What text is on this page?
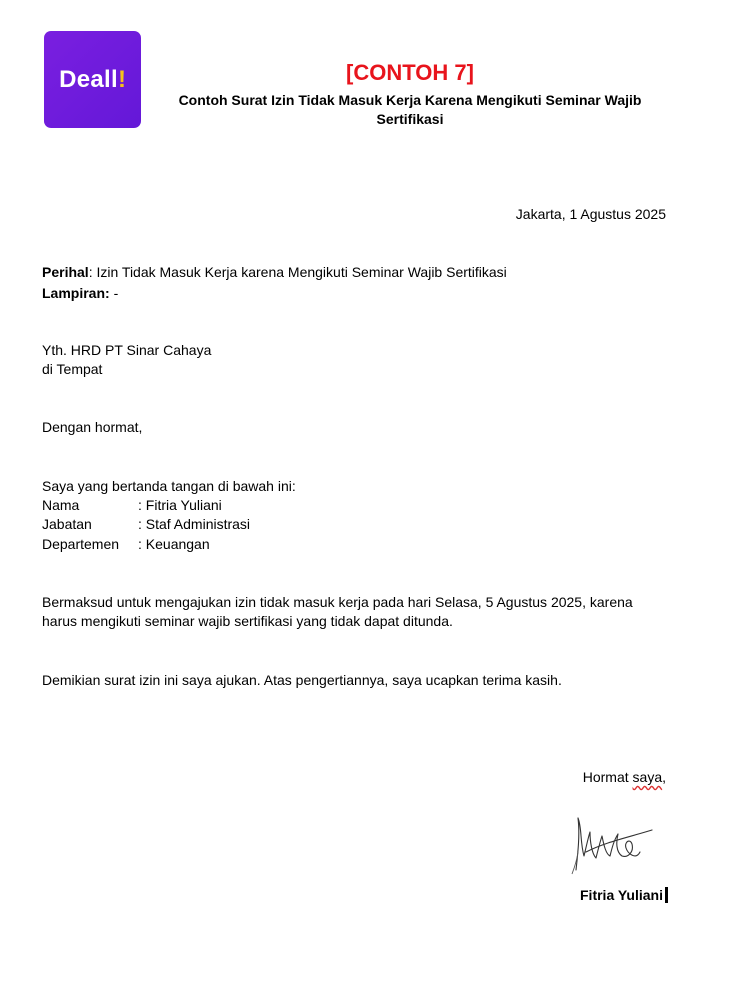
Deall !	[CONTOH 7]
Contoh Surat Izin Tidak Masuk Kerja Karena Mengikuti Seminar Wajib Sertifikasi
Jakarta, 1 Agustus 2025
Perihal: Izin Tidak Masuk Kerja karena Mengikuti Seminar Wajib Sertifikasi
Lampiran: -
Yth. HRD PT Sinar Cahaya
di Tempat
Dengan hormat,
Saya yang bertanda tangan di bawah ini:
Nama	: Fitria Yuliani
Jabatan	: Staf Administrasi
Departemen : Keuangan
Bermaksud untuk mengajukan izin tidak masuk kerja pada hari Selasa, 5 Agustus 2025, karena
harus mengikuti seminar wajib sertifikasi yang tidak dapat ditunda.
Demikian surat izin ini saya ajukan. Atas pengertiannya, saya ucapkan terima kasih.
Hormat saya,
Fitria Yuliani
